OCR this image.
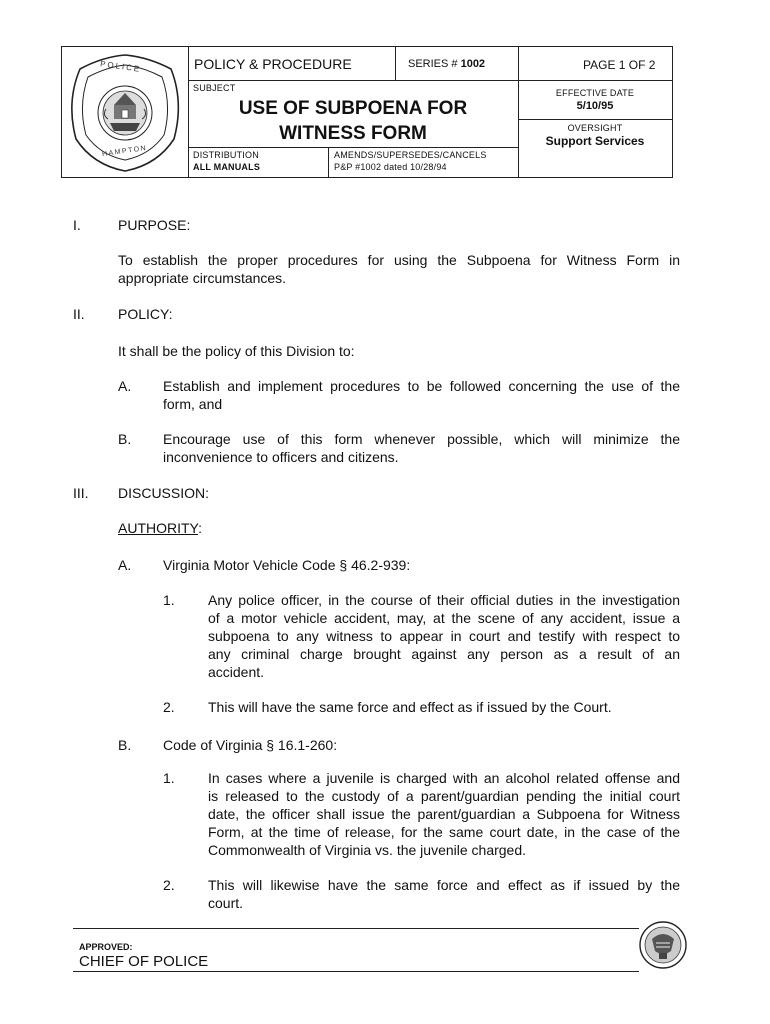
POLICE
HAMPTON
POLICY & PROCEDURE	SERIES # 1002	PAGE 1 OF 2
SUBJECT
USE OF SUBPOENA FOR
WITNESS FORM
EFFECTIVE DATE
5/10/95
OVERSIGHT
Support Services
DISTRIBUTION
ALL MANUALS
AMENDS/SUPERSEDES/CANCELS
P&P #1002 dated 10/28/94
I.	PURPOSE:
To establish the proper procedures for using the Subpoena for Witness Form in
appropriate circumstances.
II. POLICY:
It shall be the policy of this Division to:
A. Establish and implement procedures to be followed concerning the use of the
form, and
B. Encourage use of this form whenever possible, which will minimize the
inconvenience to officers and citizens.
III. DISCUSSION:
AUTHORITY:
A. Virginia Motor Vehicle Code § 46.2-939:
1. Any police officer, in the course of their official duties in the investigation
of a motor vehicle accident, may, at the scene of any accident, issue a
subpoena to any witness to appear in court and testify with respect to
any criminal charge brought against any person as a result of an
accident.
2. This will have the same force and effect as if issued by the Court.
B. Code of Virginia § 16.1-260:
1. In cases where a juvenile is charged with an alcohol related offense and
is released to the custody of a parent/guardian pending the initial court
date, the officer shall issue the parent/guardian a Subpoena for Witness
Form, at the time of release, for the same court date, in the case of the
Commonwealth of Virginia vs. the juvenile charged.
2. This will likewise have the same force and effect as if issued by the
court.
APPROVED:
CHIEF OF POLICE
